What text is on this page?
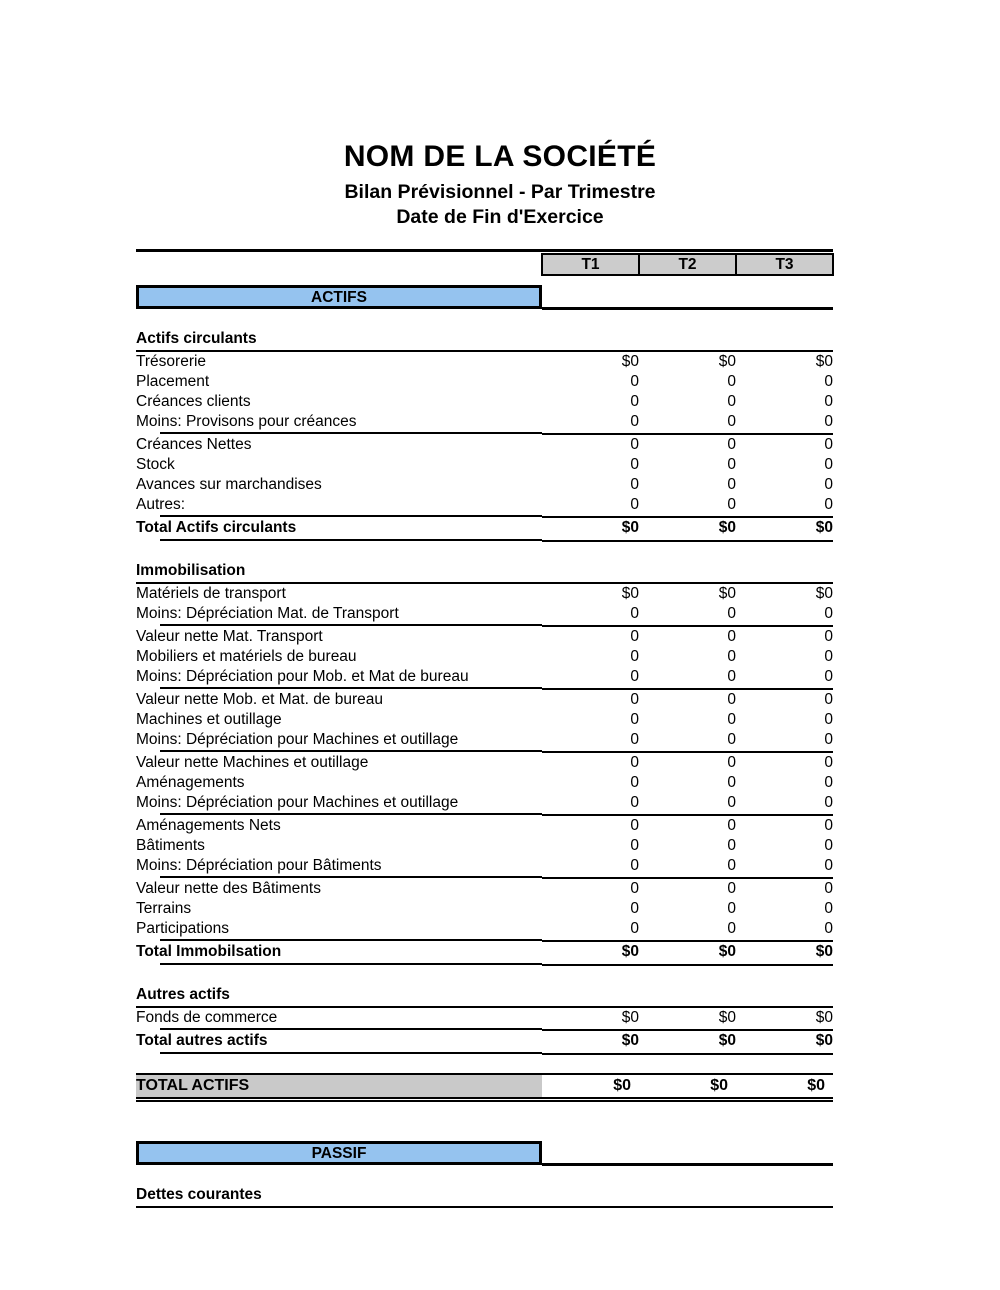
NOM DE LA SOCIÉTÉ
Bilan Prévisionnel - Par Trimestre
Date de Fin d'Exercice

	T1	T2	T3

ACTIFS			

Actifs circulants			

Trésorerie	$0	$0	$0
Placement	0	0	0
Créances clients	0	0	0
Moins: Provisons pour créances	0	0	0

Créances Nettes	0	0	0
Stock	0	0	0
Avances sur marchandises	0	0	0
Autres:	0	0	0

Total Actifs circulants	$0	$0	$0

Immobilisation			

Matériels de transport	$0	$0	$0
Moins: Dépréciation Mat. de Transport	0	0	0

Valeur nette Mat. Transport	0	0	0
Mobiliers et matériels de bureau	0	0	0
Moins: Dépréciation pour Mob. et Mat de bureau	0	0	0

Valeur nette Mob. et Mat. de bureau	0	0	0
Machines et outillage	0	0	0
Moins: Dépréciation pour Machines et outillage	0	0	0

Valeur nette Machines et outillage	0	0	0
Aménagements	0	0	0
Moins: Dépréciation pour Machines et outillage	0	0	0

Aménagements Nets	0	0	0
Bâtiments	0	0	0
Moins: Dépréciation pour Bâtiments	0	0	0

Valeur nette des Bâtiments	0	0	0
Terrains	0	0	0
Participations	0	0	0

Total Immobilsation	$0	$0	$0

Autres actifs			

Fonds de commerce	$0	$0	$0

Total autres actifs	$0	$0	$0

TOTAL ACTIFS	$0	$0	$0

PASSIF			

Dettes courantes			
